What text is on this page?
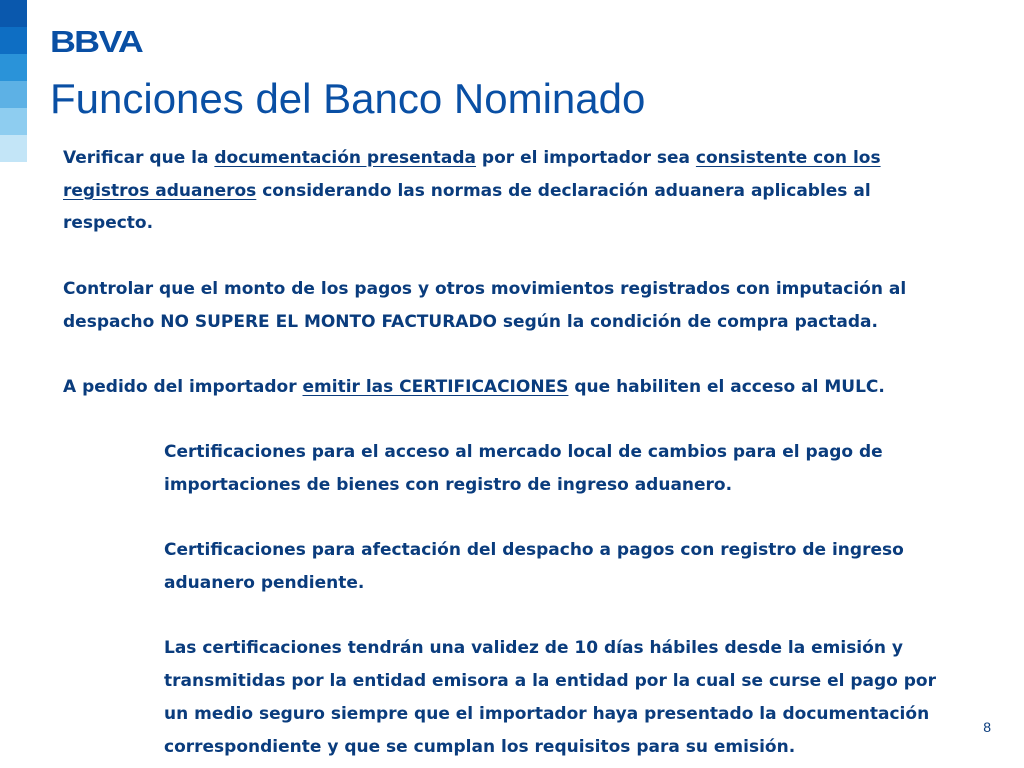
BBVA
Funciones del Banco Nominado

Verificar que la documentación presentada por el importador sea consistente con los registros aduaneros considerando las normas de declaración aduanera aplicables al respecto.

Controlar que el monto de los pagos y otros movimientos registrados con imputación al despacho NO SUPERE EL MONTO FACTURADO según la condición de compra pactada.

A pedido del importador emitir las CERTIFICACIONES que habiliten el acceso al MULC.

Certificaciones para el acceso al mercado local de cambios para el pago de importaciones de bienes con registro de ingreso aduanero.

Certificaciones para afectación del despacho a pagos con registro de ingreso aduanero pendiente.

Las certificaciones tendrán una validez de 10 días hábiles desde la emisión y transmitidas por la entidad emisora a la entidad por la cual se curse el pago por un medio seguro siempre que el importador haya presentado la documentación correspondiente y que se cumplan los requisitos para su emisión.

8
